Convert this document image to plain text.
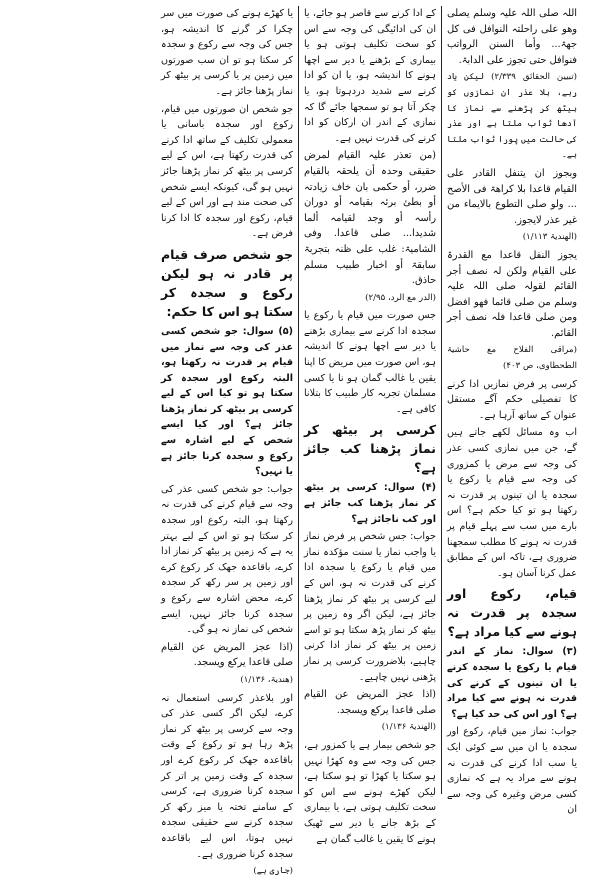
اللہ صلی اللہ علیہ وسلم یصلی وھو علی راحلتہ النوافل فی کل جھۃ... وأما السنن الرواتب فنوافل حتی تجوز علی الدابۃ.

(تبیین الحقائق ۲/۳۳۹) لیکن یاد رہے، بلا عذر ان نمازوں کو بیٹھ کر پڑھنے سے نماز کا آدھا ثواب ملتا ہے اور عذر کی حالت میں پورا ثواب ملتا ہے۔

وبجوز ان یتنفل القادر علی القیام قاعدا بلا کراھۃ فی الأصح ... ولو صلی التطوع بالایماء من غیر عذر لایجوز.

(الھندیۃ ۱/۱۱۳)

یجوز النفل قاعدا مع القدرۃ علی القیام ولکن لہ نصف أجر القائم لقولہ صلی اللہ علیہ وسلم من صلی قائما فھو افضل ومن صلی قاعدا فلہ نصف أجر القائم.

(مراقی الفلاح مع حاشیۃ الطحطاوی، ص ۴۰۳)

کرسی پر فرض نمازیں ادا کرنے کا تفصیلی حکم آگے مستقل عنوان کے ساتھ آرہا ہے۔

اب وہ مسائل لکھے جاتے ہیں گے، جن میں نمازی کسی عذر کی وجہ سے مرض یا کمزوری کی وجہ سے قیام یا رکوع یا سجدہ یا ان تینوں پر قدرت نہ رکھتا ہو تو کیا حکم ہے؟ اس بارے میں سب سے پہلے قیام پر قدرت نہ ہونے کا مطلب سمجھنا ضروری ہے، تاکہ اس کے مطابق عمل کرنا آسان ہو۔

قیام، رکوع اور سجدہ پر قدرت نہ ہونے سے کیا مراد ہے؟

(۳) سوال: نماز کے اندر قیام یا رکوع یا سجدہ کرنے یا ان تینوں کے کرنے کی قدرت نہ ہونے سے کیا مراد ہے؟ اور اس کی حد کیا ہے؟

جواب: نماز میں قیام، رکوع اور سجدہ یا ان میں سے کوئی ایک یا سب ادا کرنے کی قدرت نہ ہونے سے مراد یہ ہے کہ نمازی کسی مرض وغیرہ کی وجہ سے ان

کے ادا کرنے سے قاصر ہو جائے، یا ان کی ادائیگی کی وجہ سے اس کو سخت تکلیف ہوتی ہو یا بیماری کے بڑھنے یا دیر سے اچھا ہونے کا اندیشہ ہو، یا ان کو ادا کرنے سے شدید دردہوتا ہو، یا چکر آتا ہو تو سمجھا جائے گا کہ نمازی کے اندر ان ارکان کو ادا کرنے کی قدرت نہیں ہے۔

(من تعذر علیہ القیام لمرض حقیقی وحدہ أن یلحقہ بالقیام ضرر، أو حکمی بان خاف زیادتہ أو بطئ برئہ بقیامہ أو دوران رأسہ أو وجد لقیامہ ألما شدیدا... صلی قاعدا. وفی الشامیۃ: غلب علی ظنہ بتجربۃ سابقۃ أو اخبار طبیب مسلم حاذق.

(الدر مع الرد، ۲/۹۵)

جس صورت میں قیام یا رکوع یا سجدہ ادا کرنے سے بیماری بڑھنے یا دیر سے اچھا ہونے کا اندیشہ ہو، اس صورت میں مریض کا اپنا یقین یا غالب گمان ہو نا یا کسی مسلمان تجربہ کار طبیب کا بتلانا کافی ہے۔

کرسی پر بیٹھ کر نماز پڑھنا کب جائز ہے؟

(۴) سوال: کرسی پر بیٹھ کر نماز پڑھنا کب جائز ہے اور کب ناجائز ہے؟

جواب: جس شخص پر فرض نماز یا واجب نماز یا سنت مؤکدہ نماز میں قیام یا رکوع یا سجدہ ادا کرنے کی قدرت نہ ہو، اس کے لیے کرسی پر بیٹھ کر نماز پڑھنا جائز ہے، لیکن اگر وہ زمین پر بیٹھ کر نماز پڑھ سکتا ہو تو اسے زمین پر بیٹھ کر نماز ادا کرنی چاہیے، بلاضرورت کرسی پر نماز پڑھنی نہیں چاہیے۔

(اذا عجز المریض عن القیام صلی قاعدا یرکع ویسجد.

(الھندیۃ ۱/۱۳۶)

جو شخص بیمار ہے یا کمزور ہے، جس کی وجہ سے وہ کھڑا نہیں ہو سکتا یا کھڑا تو ہو سکتا ہے، لیکن کھڑے ہونے سے اس کو سخت تکلیف ہوتی ہے، یا بیماری کے بڑھ جانے یا دیر سے ٹھیک ہونے کا یقین یا غالب گمان ہے

یا کھڑے ہونے کی صورت میں سر چکرا کر گرنے کا اندیشہ ہو، جس کی وجہ سے رکوع و سجدہ کر سکتا ہو تو ان سب صورتوں میں زمین پر یا کرسی پر بیٹھ کر نماز پڑھنا جائز ہے۔

جو شخص ان صورتوں میں قیام، رکوع اور سجدہ باسانی یا معمولی تکلیف کے ساتھ ادا کرنے کی قدرت رکھتا ہے، اس کے لیے کرسی پر بیٹھ کر نماز پڑھنا جائز نہیں ہو گی، کیونکہ ایسے شخص کی صحت مند ہے اور اس کے لیے قیام، رکوع اور سجدہ کا ادا کرنا فرض ہے۔

جو شخص صرف قیام پر قادر نہ ہو لیکن رکوع و سجدہ کر سکتا ہو اس کا حکم:

(۵) سوال: جو شخص کسی عذر کی وجہ سے نماز میں قیام پر قدرت نہ رکھتا ہو، البتہ رکوع اور سجدہ کر سکتا ہو تو کیا اس کے لیے کرسی پر بیٹھ کر نماز پڑھنا جائز ہے؟ اور کیا ایسے شخص کے لیے اشارہ سے رکوع و سجدہ کرنا جائز ہے یا نہیں؟

جواب: جو شخص کسی عذر کی وجہ سے قیام کرنے کی قدرت نہ رکھتا ہو، البتہ رکوع اور سجدہ کر سکتا ہو تو اس کے لیے بہتر یہ ہے کہ زمین پر بیٹھ کر نماز ادا کرے، باقاعدہ جھک کر رکوع کرے اور زمین پر سر رکھ کر سجدہ کرے، محض اشارہ سے رکوع و سجدہ کرنا جائز نہیں، ایسے شخص کی نماز نہ ہو گی۔

(اذا عجز المریض عن القیام صلی قاعدا یرکع ویسجد.

(ھندیۃ، ۱/۱۳۶)

اور بلاعذر کرسی استعمال نہ کرے، لیکن اگر کسی عذر کی وجہ سے کرسی پر بیٹھ کر نماز پڑھ رہا ہو تو رکوع کے وقت باقاعدہ جھک کر رکوع کرے اور سجدہ کے وقت زمین پر اتر کر سجدہ کرنا ضروری ہے، کرسی کے سامنے تختہ یا میز رکھ کر سجدہ کرنے سے حقیقی سجدہ نہیں ہوتا، اس لیے باقاعدہ سجدہ کرنا ضروری ہے۔

(جاری ہے)
